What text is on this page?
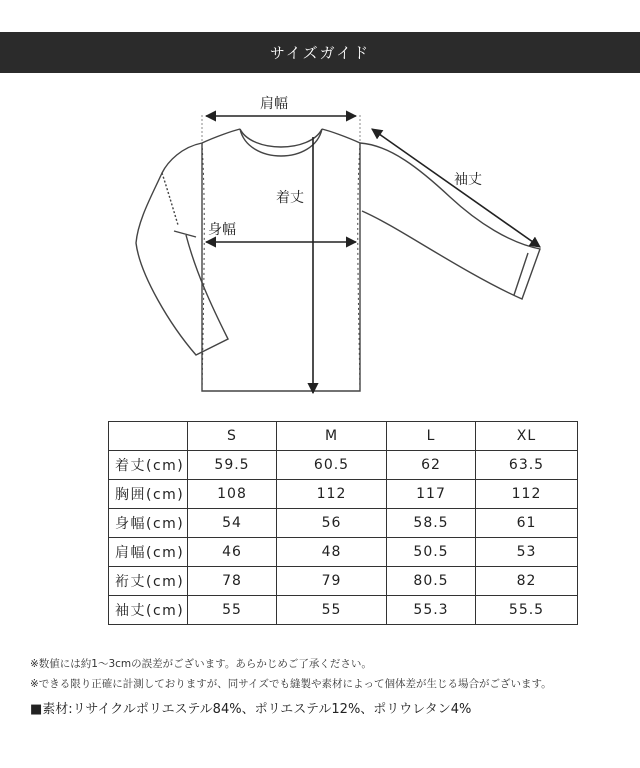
サイズガイド
肩幅
着丈
身幅
袖丈
	S	M	L	XL
着丈(cm)	59.5	60.5	62	63.5
胸囲(cm)	108	112	117	112
身幅(cm)	54	56	58.5	61
肩幅(cm)	46	48	50.5	53
裄丈(cm)	78	79	80.5	82
袖丈(cm)	55	55	55.3	55.5
※数値には約1〜3cmの誤差がございます。あらかじめご了承ください。
※できる限り正確に計測しておりますが、同サイズでも縫製や素材によって個体差が生じる場合がございます。
■素材:リサイクルポリエステル84%、ポリエステル12%、ポリウレタン4%
